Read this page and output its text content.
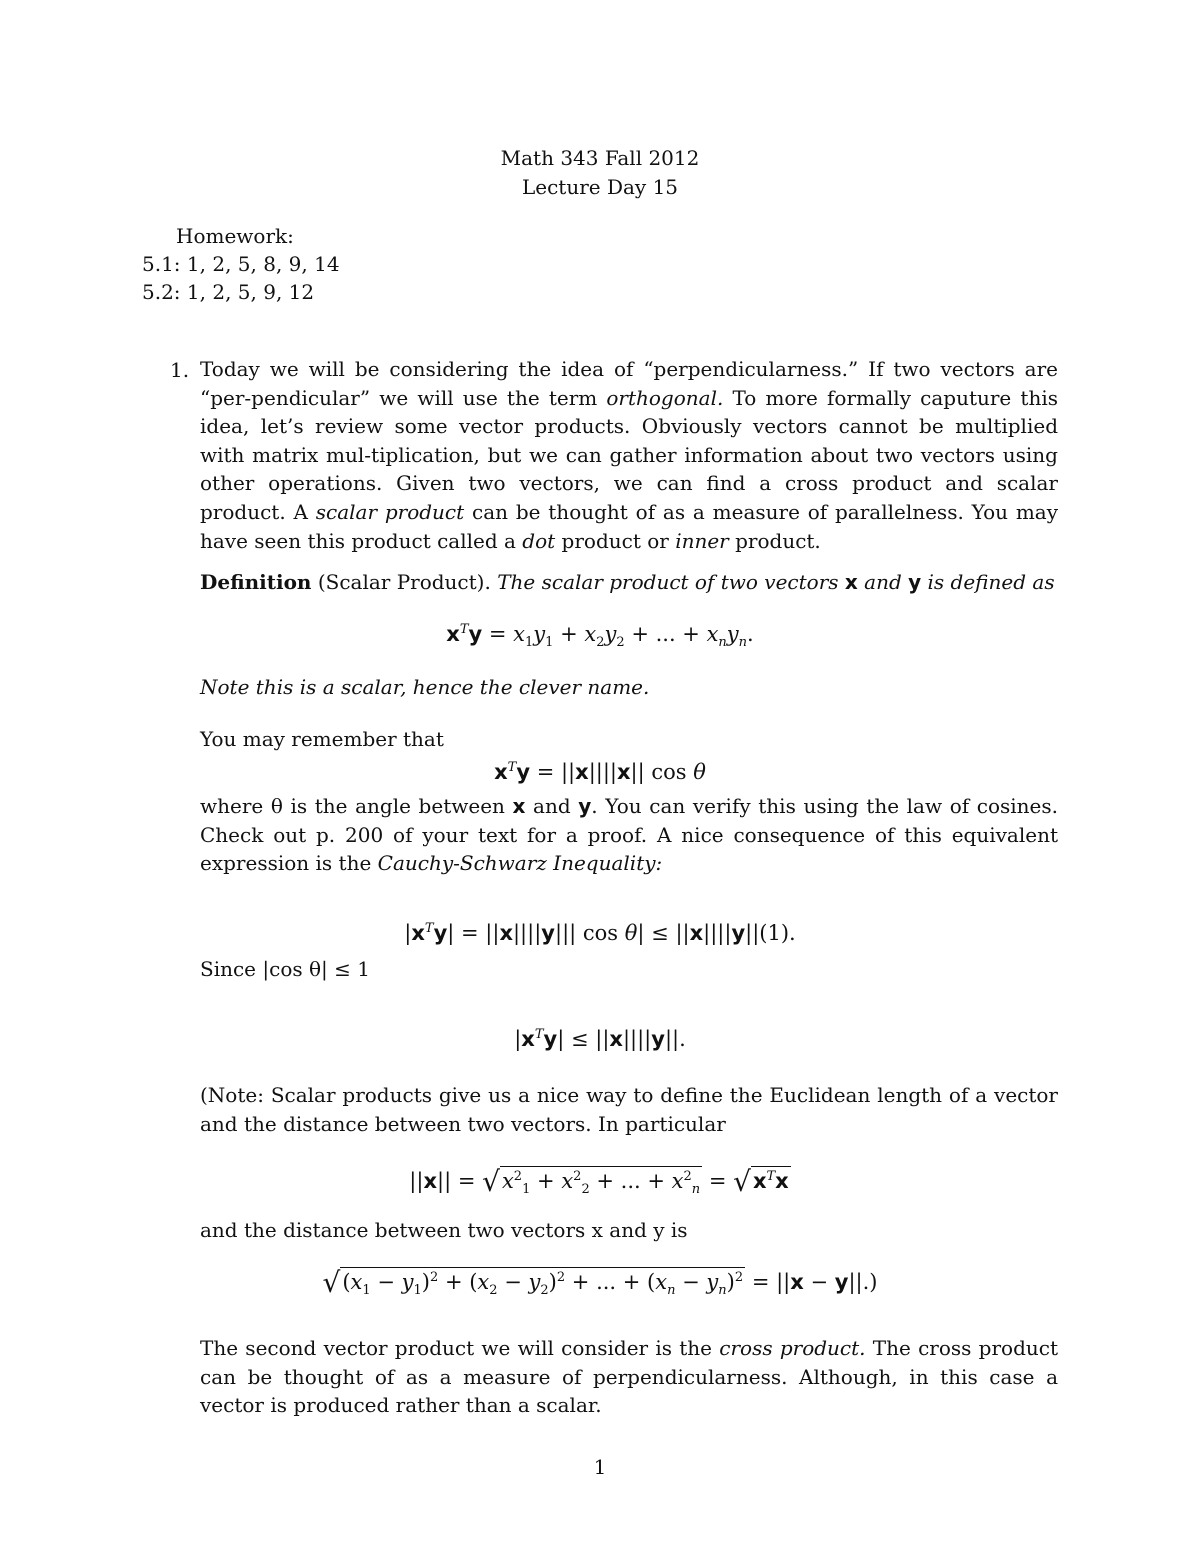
Math 343 Fall 2012
Lecture Day 15
Homework:
5.1: 1, 2, 5, 8, 9, 14
5.2: 1, 2, 5, 9, 12
1. Today we will be considering the idea of “perpendicularness.” If two vectors are “per-pendicular” we will use the term orthogonal. To more formally caputure this idea, let’s review some vector products. Obviously vectors cannot be multiplied with matrix mul-tiplication, but we can gather information about two vectors using other operations. Given two vectors, we can find a cross product and scalar product. A scalar product can be thought of as a measure of parallelness. You may have seen this product called a dot product or inner product.
Definition (Scalar Product). The scalar product of two vectors x and y is defined as
$x^Ty = x_1y_1 + x_2y_2$ + ... + $x_ny_n$.
Note this is a scalar, hence the clever name.
You may remember that
$x^Ty = ||x||||x||$ cos θ
where θ is the angle between x and y. You can verify this using the law of cosines. Check out p. 200 of your text for a proof. A nice consequence of this equivalent expression is the Cauchy-Schwarz Inequality:
$|x^Ty| = ||x||||y|||$ cos θ| ≤ ||x||||y||(1).
Since |cos θ| ≤ 1
$|x^Ty| \le ||x||||y||$.
(Note: Scalar products give us a nice way to define the Euclidean length of a vector and the distance between two vectors. In particular
$||x|| = √x^2_1 + x^2_2$ + ... + $x^2_n = √x^Tx$
and the distance between two vectors x and y is
$√(x_1 - y_1)^2 + (x_2 - y_2)^2$ + ... + $(x_n - y_n)^2 = ||x - y||$.)
The second vector product we will consider is the cross product. The cross product can be thought of as a measure of perpendicularness. Although, in this case a vector is produced rather than a scalar.
1
